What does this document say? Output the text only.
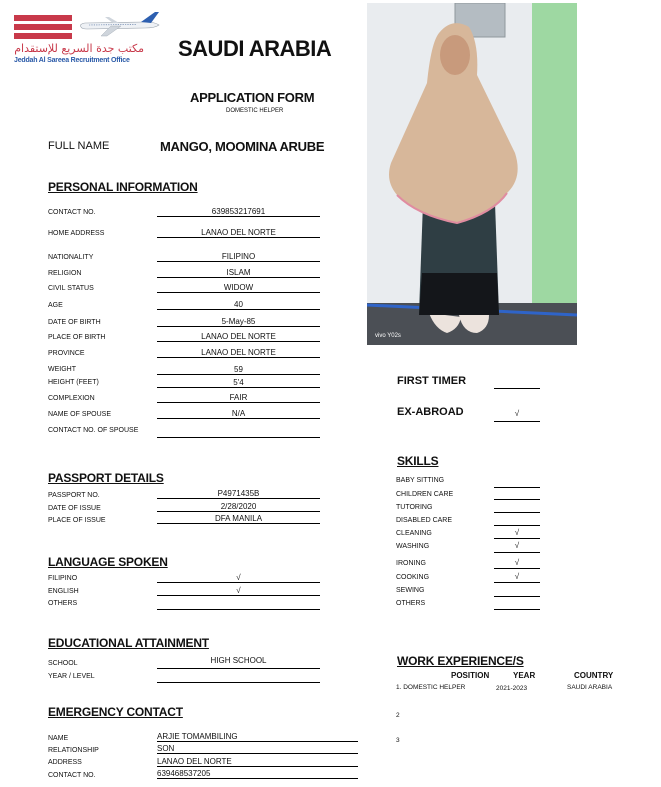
مكتب جدة السريع للإستقدام
Jeddah Al Sareea Recruitment Office SAUDI ARABIA
APPLICATION FORM
DOMESTIC HELPER
FULL NAME	MANGO, MOOMINA ARUBE
vivo Y02s
PERSONAL INFORMATION
CONTACT NO.	639853217691
HOME ADDRESS	LANAO DEL NORTE
NATIONALITY	FILIPINO
RELIGION	ISLAM
CIVIL STATUS	WIDOW
AGE	40
DATE OF BIRTH	5-May-85
PLACE OF BIRTH	LANAO DEL NORTE
PROVINCE	LANAO DEL NORTE
WEIGHT	59
HEIGHT (FEET)	5'4
COMPLEXION	FAIR
NAME OF SPOUSE	N/A
CONTACT NO. OF SPOUSE
FIRST TIMER
EX-ABROAD	√
PASSPORT DETAILS
PASSPORT NO.	P4971435B
DATE OF ISSUE	2/28/2020
PLACE OF ISSUE	DFA MANILA
LANGUAGE SPOKEN
FILIPINO	√
ENGLISH	√
OTHERS
EDUCATIONAL ATTAINMENT
SCHOOL	HIGH SCHOOL
YEAR / LEVEL
EMERGENCY CONTACT
NAME	ARJIE TOMAMBILING
RELATIONSHIP	SON
ADDRESS	LANAO DEL NORTE
CONTACT NO.	639468537205
SKILLS
BABY SITTING
CHILDREN CARE
TUTORING
DISABLED CARE
CLEANING	√
WASHING	√
IRONING	√
COOKING	√
SEWING
OTHERS
WORK EXPERIENCE/S
POSITION	YEAR	COUNTRY
1. DOMESTIC HELPER	2021-2023	SAUDI ARABIA
2
3
